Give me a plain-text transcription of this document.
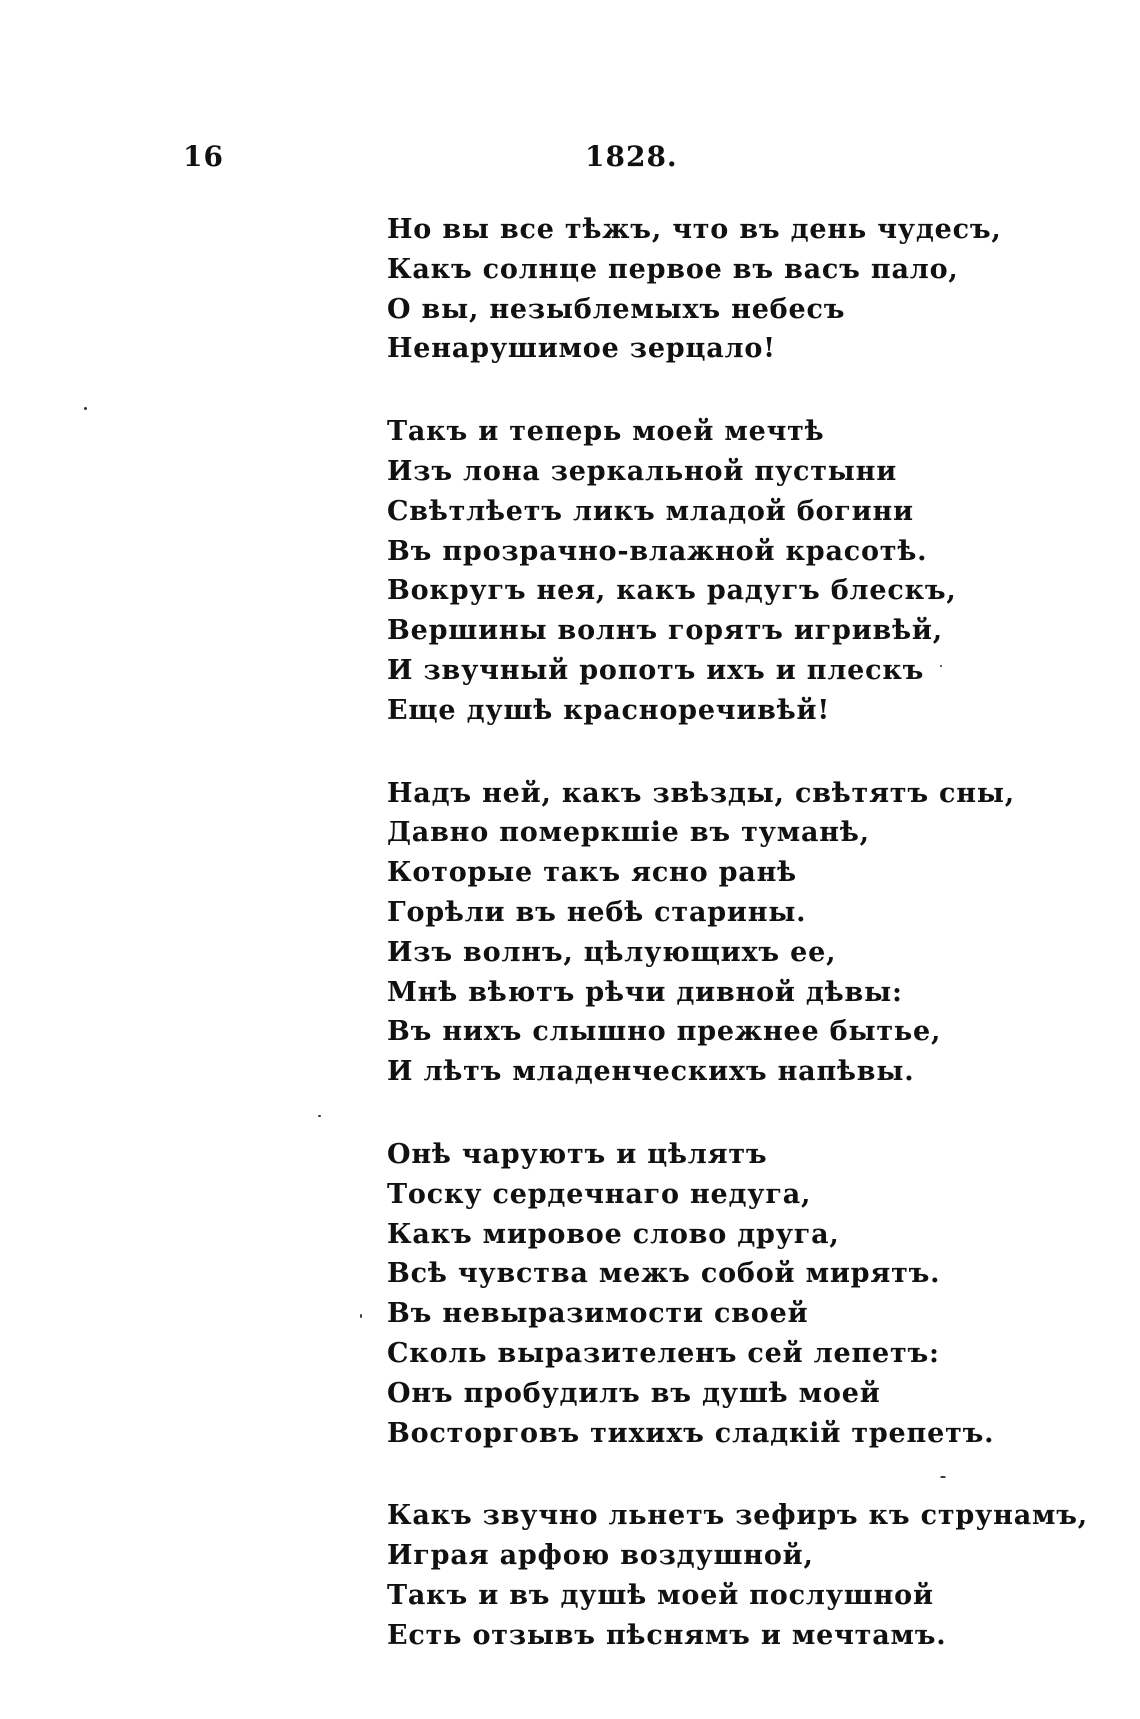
16	1828.
Но вы все тѣжъ, что въ день чудесъ,
Какъ солнце первое въ васъ пало,
О вы, незыблемыхъ небесъ
Ненарушимое зерцало!
Такъ и теперь моей мечтѣ
Изъ лона зеркальной пустыни
Свѣтлѣетъ ликъ младой богини
Въ прозрачно-влажной красотѣ.
Вокругъ нея, какъ радугъ блескъ,
Вершины волнъ горятъ игривѣй,
И звучный ропотъ ихъ и плескъ
Еще душѣ красноречивѣй!
Надъ ней, какъ звѣзды, свѣтятъ сны,
Давно померкшіе въ туманѣ,
Которые такъ ясно ранѣ
Горѣли въ небѣ старины.
Изъ волнъ, цѣлующихъ ее,
Мнѣ вѣютъ рѣчи дивной дѣвы:
Въ нихъ слышно прежнее бытье,
И лѣтъ младенческихъ напѣвы.
Онѣ чаруютъ и цѣлятъ
Тоску сердечнаго недуга,
Какъ мировое слово друга,
Всѣ чувства межъ собой мирятъ.
Въ невыразимости своей
Сколь выразителенъ сей лепетъ:
Онъ пробудилъ въ душѣ моей
Восторговъ тихихъ сладкій трепетъ.
Какъ звучно льнетъ зефиръ къ струнамъ,
Играя арфою воздушной,
Такъ и въ душѣ моей послушной
Есть отзывъ пѣснямъ и мечтамъ.
